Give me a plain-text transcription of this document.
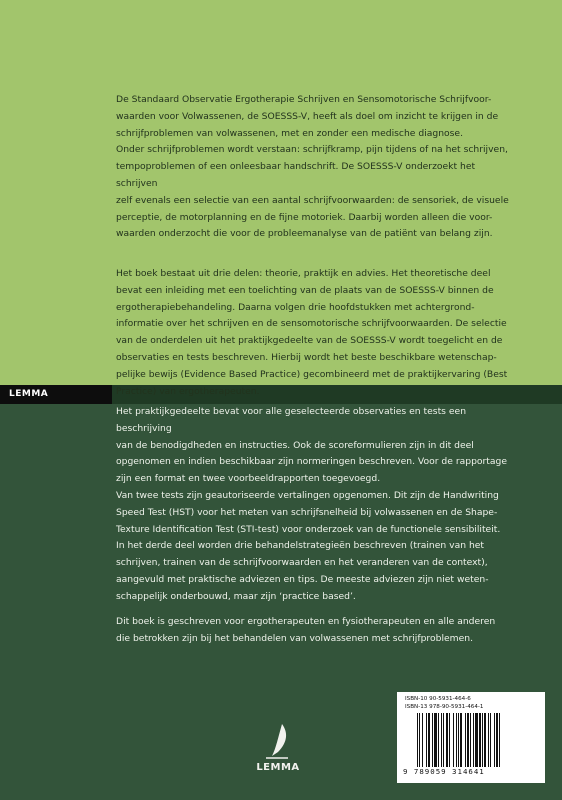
LEMMA
De Standaard Observatie Ergotherapie Schrijven en Sensomotorische Schrijfvoor-
waarden voor Volwassenen, de SOESSS-V, heeft als doel om inzicht te krijgen in de
schrijfproblemen van volwassenen, met en zonder een medische diagnose.
Onder schrijfproblemen wordt verstaan: schrijfkramp, pijn tijdens of na het schrijven,
tempoproblemen of een onleesbaar handschrift. De SOESSS-V onderzoekt het schrijven
zelf evenals een selectie van een aantal schrijfvoorwaarden: de sensoriek, de visuele
perceptie, de motorplanning en de fijne motoriek. Daarbij worden alleen die voor-
waarden onderzocht die voor de probleemanalyse van de patiënt van belang zijn.
Het boek bestaat uit drie delen: theorie, praktijk en advies. Het theoretische deel
bevat een inleiding met een toelichting van de plaats van de SOESSS-V binnen de
ergotherapiebehandeling. Daarna volgen drie hoofdstukken met achtergrond-
informatie over het schrijven en de sensomotorische schrijfvoorwaarden. De selectie
van de onderdelen uit het praktijkgedeelte van de SOESSS-V wordt toegelicht en de
observaties en tests beschreven. Hierbij wordt het beste beschikbare wetenschap-
pelijke bewijs (Evidence Based Practice) gecombineerd met de praktijkervaring (Best
Practice) van ergotherapeuten.
Het praktijkgedeelte bevat voor alle geselecteerde observaties en tests een beschrijving
van de benodigdheden en instructies. Ook de scoreformulieren zijn in dit deel
opgenomen en indien beschikbaar zijn normeringen beschreven. Voor de rapportage
zijn een format en twee voorbeeldrapporten toegevoegd.
Van twee tests zijn geautoriseerde vertalingen opgenomen. Dit zijn de Handwriting
Speed Test (HST) voor het meten van schrijfsnelheid bij volwassenen en de Shape-
Texture Identification Test (STI-test) voor onderzoek van de functionele sensibiliteit.
In het derde deel worden drie behandelstrategieën beschreven (trainen van het
schrijven, trainen van de schrijfvoorwaarden en het veranderen van de context),
aangevuld met praktische adviezen en tips. De meeste adviezen zijn niet weten-
schappelijk onderbouwd, maar zijn ‘practice based’.
Dit boek is geschreven voor ergotherapeuten en fysiotherapeuten en alle anderen
die betrokken zijn bij het behandelen van volwassenen met schrijfproblemen.
LEMMA
ISBN-10 90-5931-464-6
ISBN-13 978-90-5931-464-1
9 789059 314641
